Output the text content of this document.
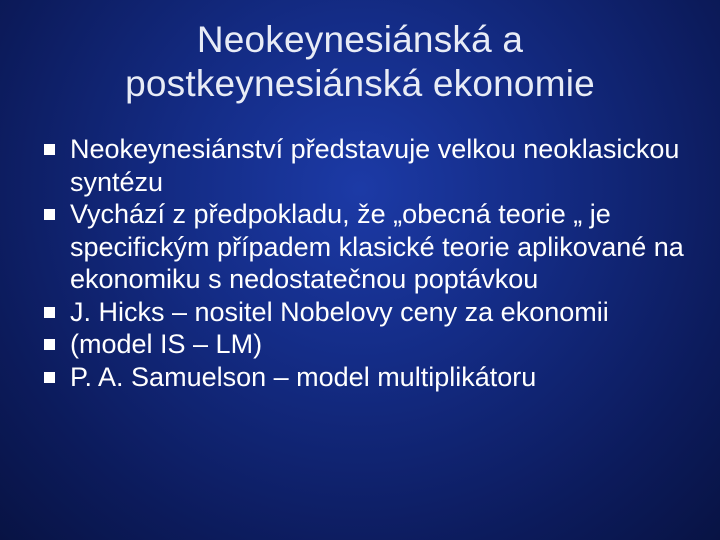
Neokeynesiánská a
postkeynesiánská ekonomie
Neokeynesiánství představuje velkou neoklasickou syntézu
Vychází z předpokladu, že „obecná teorie „ je specifickým případem klasické teorie aplikované na ekonomiku s nedostatečnou poptávkou
J. Hicks – nositel Nobelovy ceny za ekonomii
(model IS – LM)
P. A. Samuelson – model multiplikátoru
